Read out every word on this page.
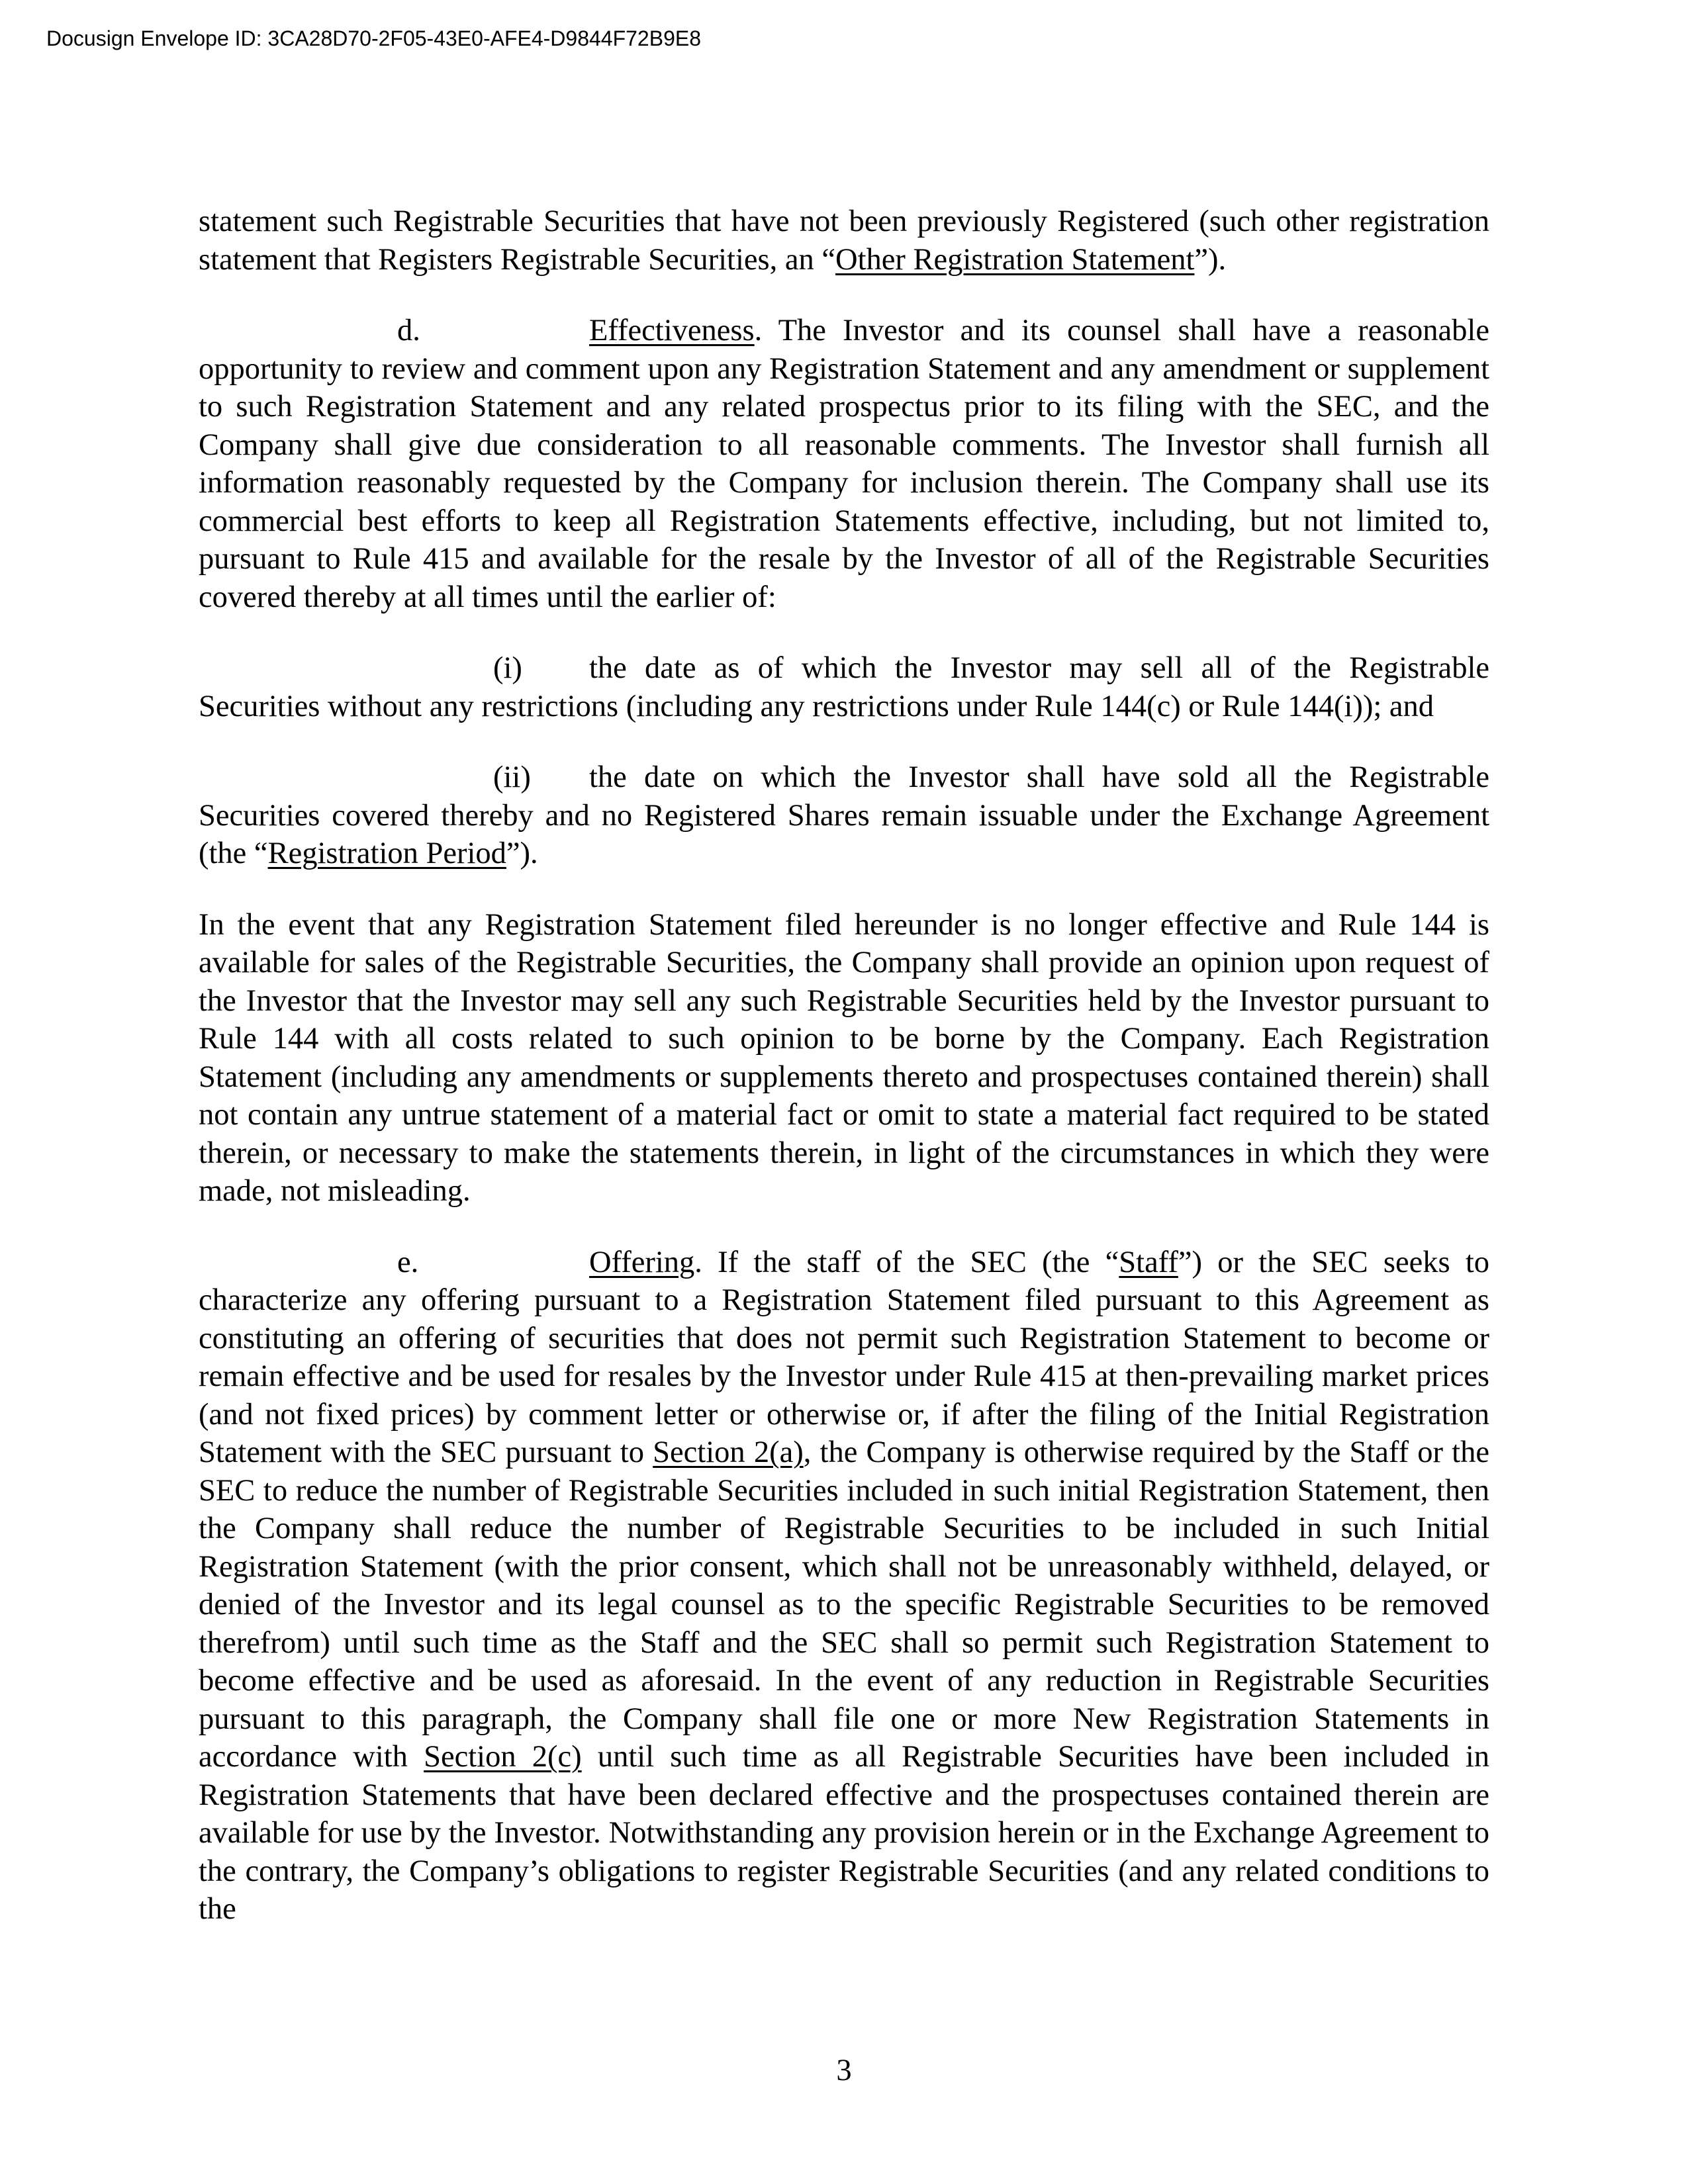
Docusign Envelope ID: 3CA28D70-2F05-43E0-AFE4-D9844F72B9E8

statement such Registrable Securities that have not been previously Registered (such other registration statement that Registers Registrable Securities, an “Other Registration Statement”).

d.	Effectiveness. The Investor and its counsel shall have a reasonable opportunity to review and comment upon any Registration Statement and any amendment or supplement to such Registration Statement and any related prospectus prior to its filing with the SEC, and the Company shall give due consideration to all reasonable comments. The Investor shall furnish all information reasonably requested by the Company for inclusion therein. The Company shall use its commercial best efforts to keep all Registration Statements effective, including, but not limited to, pursuant to Rule 415 and available for the resale by the Investor of all of the Registrable Securities covered thereby at all times until the earlier of:

(i) the date as of which the Investor may sell all of the Registrable Securities without any restrictions (including any restrictions under Rule 144(c) or Rule 144(i)); and

(ii) the date on which the Investor shall have sold all the Registrable Securities covered thereby and no Registered Shares remain issuable under the Exchange Agreement (the “Registration Period”).

In the event that any Registration Statement filed hereunder is no longer effective and Rule 144 is available for sales of the Registrable Securities, the Company shall provide an opinion upon request of the Investor that the Investor may sell any such Registrable Securities held by the Investor pursuant to Rule 144 with all costs related to such opinion to be borne by the Company. Each Registration Statement (including any amendments or supplements thereto and prospectuses contained therein) shall not contain any untrue statement of a material fact or omit to state a material fact required to be stated therein, or necessary to make the statements therein, in light of the circumstances in which they were made, not misleading.

e.	Offering. If the staff of the SEC (the “Staff”) or the SEC seeks to characterize any offering pursuant to a Registration Statement filed pursuant to this Agreement as constituting an offering of securities that does not permit such Registration Statement to become or remain effective and be used for resales by the Investor under Rule 415 at then-prevailing market prices (and not fixed prices) by comment letter or otherwise or, if after the filing of the Initial Registration Statement with the SEC pursuant to Section 2(a), the Company is otherwise required by the Staff or the SEC to reduce the number of Registrable Securities included in such initial Registration Statement, then the Company shall reduce the number of Registrable Securities to be included in such Initial Registration Statement (with the prior consent, which shall not be unreasonably withheld, delayed, or denied of the Investor and its legal counsel as to the specific Registrable Securities to be removed therefrom) until such time as the Staff and the SEC shall so permit such Registration Statement to become effective and be used as aforesaid. In the event of any reduction in Registrable Securities pursuant to this paragraph, the Company shall file one or more New Registration Statements in accordance with Section 2(c) until such time as all Registrable Securities have been included in Registration Statements that have been declared effective and the prospectuses contained therein are available for use by the Investor. Notwithstanding any provision herein or in the Exchange Agreement to the contrary, the Company’s obligations to register Registrable Securities (and any related conditions to the

3
